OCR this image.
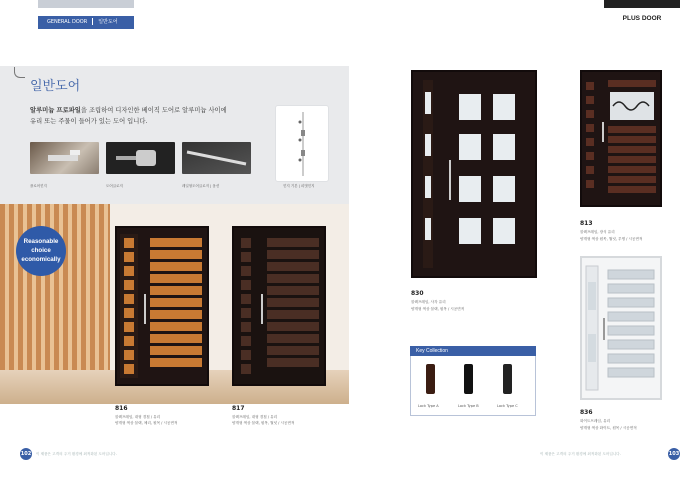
GENERAL DOOR 일반도어	PLUS DOOR
일반도어
알루미늄 프로파일을 조립하여 디자인한 베이직 도어로 알루미늄 사이에
유리 또는 주물이 들어가 있는 도어 입니다.
플로어힌지	도어클로저	레일형도어클로저 | 옵션	힌지 기본 | 피벗힌지
Reasonable
choice
economically
816
블랙프레임, 대형 경첩 / 유리
양개형 색상 블랙, 체리, 원목 / 시공면적
817
블랙프레임, 대형 경첩 / 유리
양개형 색상 블랙, 원목, 월넛 / 시공면적
830
블랙프레임, 사각 유리
양개형 색상 블랙, 원목 / 시공면적
Key Collection
Lock Type A	Lock Type B	Lock Type C
813
블랙프레임, 장식 유리
양개형 색상 원목, 월넛, 투명 / 시공면적
836
화이트프레임, 유리
양개형 색상 화이트, 원목 / 시공면적
102 이 제품은 고객의 주거 환경에 최적화된 도어입니다.	이 제품은 고객의 주거 환경에 최적화된 도어입니다.	103
